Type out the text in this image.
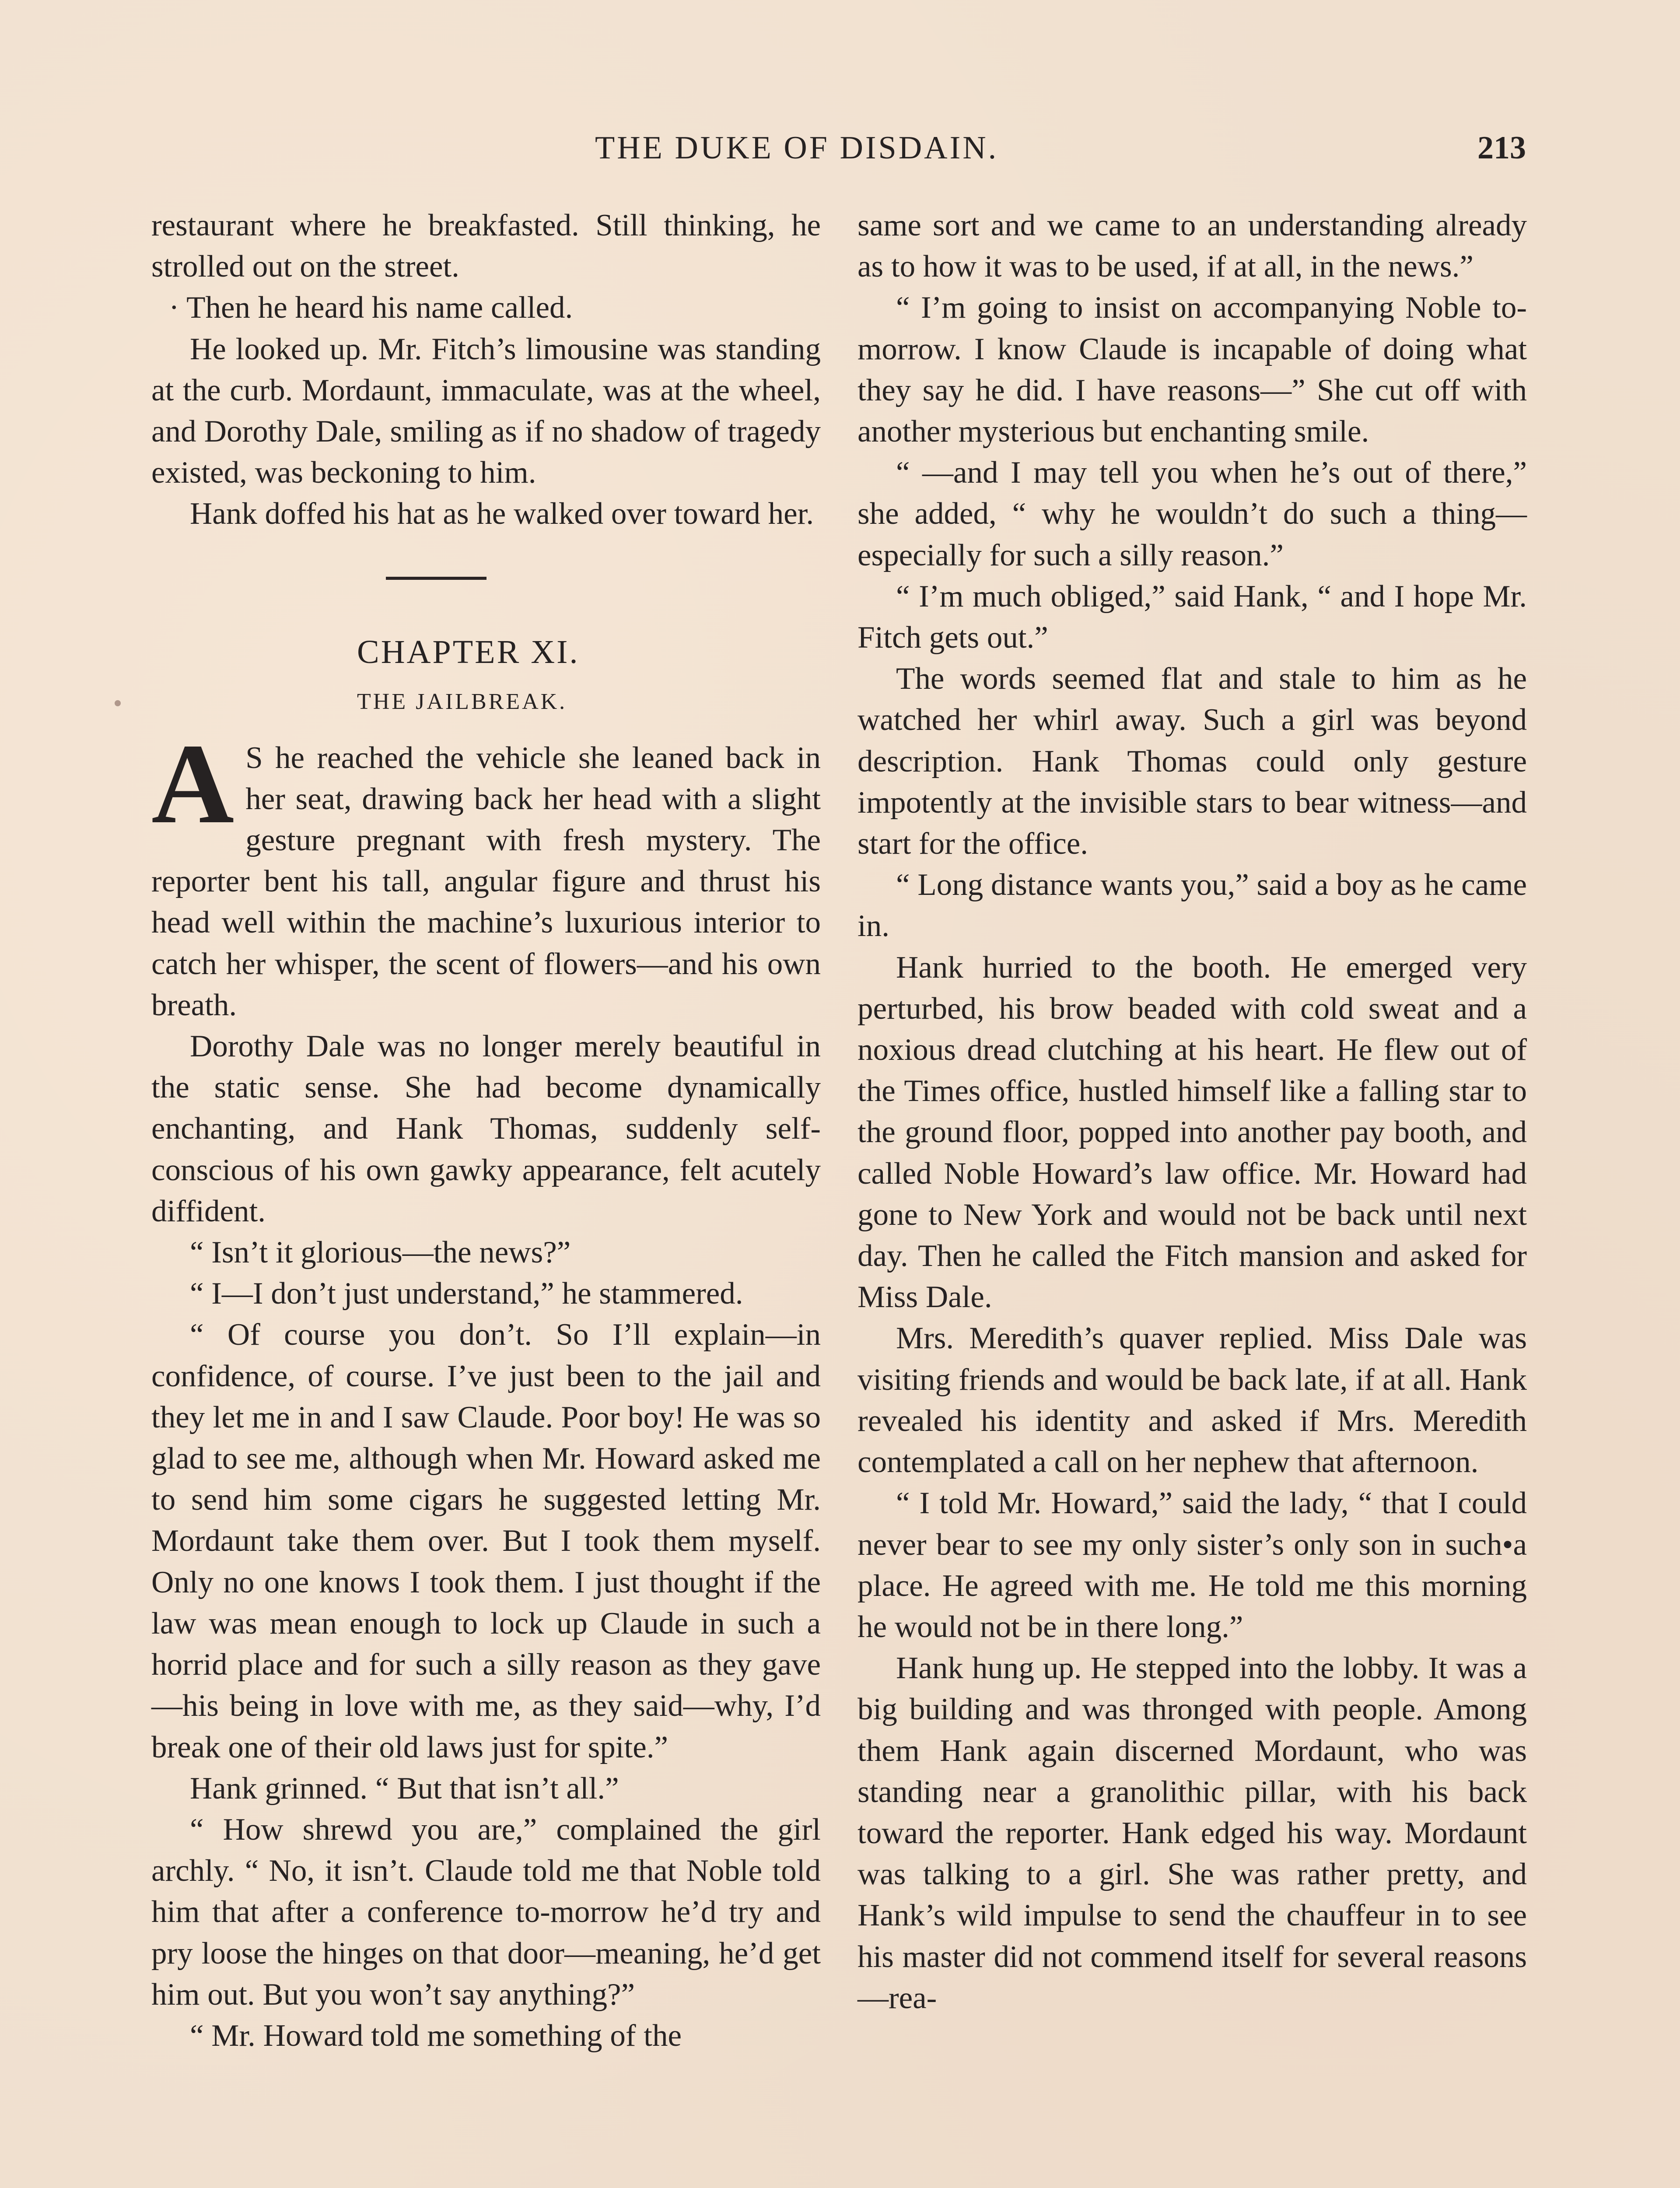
THE DUKE OF DISDAIN.	213

restaurant where he breakfasted. Still thinking, he strolled out on the street.

· Then he heard his name called.

He looked up. Mr. Fitch’s limousine was standing at the curb. Mordaunt, immaculate, was at the wheel, and Dorothy Dale, smiling as if no shadow of tragedy existed, was beckoning to him.

Hank doffed his hat as he walked over toward her.

CHAPTER XI.
THE JAILBREAK.

A S he reached the vehicle she leaned back in her seat, drawing back her head with a slight gesture pregnant with fresh mystery. The reporter bent his tall, angular figure and thrust his head well within the machine’s luxurious interior to catch her whisper, the scent of flowers—and his own breath.

Dorothy Dale was no longer merely beautiful in the static sense. She had become dynamically enchanting, and Hank Thomas, suddenly self-conscious of his own gawky appearance, felt acutely diffident.

“ Isn’t it glorious—the news?”

“ I—I don’t just understand,” he stammered.

“ Of course you don’t. So I’ll explain—in confidence, of course. I’ve just been to the jail and they let me in and I saw Claude. Poor boy! He was so glad to see me, although when Mr. Howard asked me to send him some cigars he suggested letting Mr. Mordaunt take them over. But I took them myself. Only no one knows I took them. I just thought if the law was mean enough to lock up Claude in such a horrid place and for such a silly reason as they gave—his being in love with me, as they said—why, I’d break one of their old laws just for spite.”

Hank grinned. “ But that isn’t all.”

“ How shrewd you are,” complained the girl archly. “ No, it isn’t. Claude told me that Noble told him that after a conference to-morrow he’d try and pry loose the hinges on that door—meaning, he’d get him out. But you won’t say anything?”

“ Mr. Howard told me something of the

same sort and we came to an understanding already as to how it was to be used, if at all, in the news.”

“ I’m going to insist on accompanying Noble to-morrow. I know Claude is incapable of doing what they say he did. I have reasons—” She cut off with another mysterious but enchanting smile.

“ —and I may tell you when he’s out of there,” she added, “ why he wouldn’t do such a thing—especially for such a silly reason.”

“ I’m much obliged,” said Hank, “ and I hope Mr. Fitch gets out.”

The words seemed flat and stale to him as he watched her whirl away. Such a girl was beyond description. Hank Thomas could only gesture impotently at the invisible stars to bear witness—and start for the office.

“ Long distance wants you,” said a boy as he came in.

Hank hurried to the booth. He emerged very perturbed, his brow beaded with cold sweat and a noxious dread clutching at his heart. He flew out of the Times office, hustled himself like a falling star to the ground floor, popped into another pay booth, and called Noble Howard’s law office. Mr. Howard had gone to New York and would not be back until next day. Then he called the Fitch mansion and asked for Miss Dale.

Mrs. Meredith’s quaver replied. Miss Dale was visiting friends and would be back late, if at all. Hank revealed his identity and asked if Mrs. Meredith contemplated a call on her nephew that afternoon.

“ I told Mr. Howard,” said the lady, “ that I could never bear to see my only sister’s only son in such•a place. He agreed with me. He told me this morning he would not be in there long.”

Hank hung up. He stepped into the lobby. It was a big building and was thronged with people. Among them Hank again discerned Mordaunt, who was standing near a granolithic pillar, with his back toward the reporter. Hank edged his way. Mordaunt was talking to a girl. She was rather pretty, and Hank’s wild impulse to send the chauffeur in to see his master did not commend itself for several reasons—rea-
